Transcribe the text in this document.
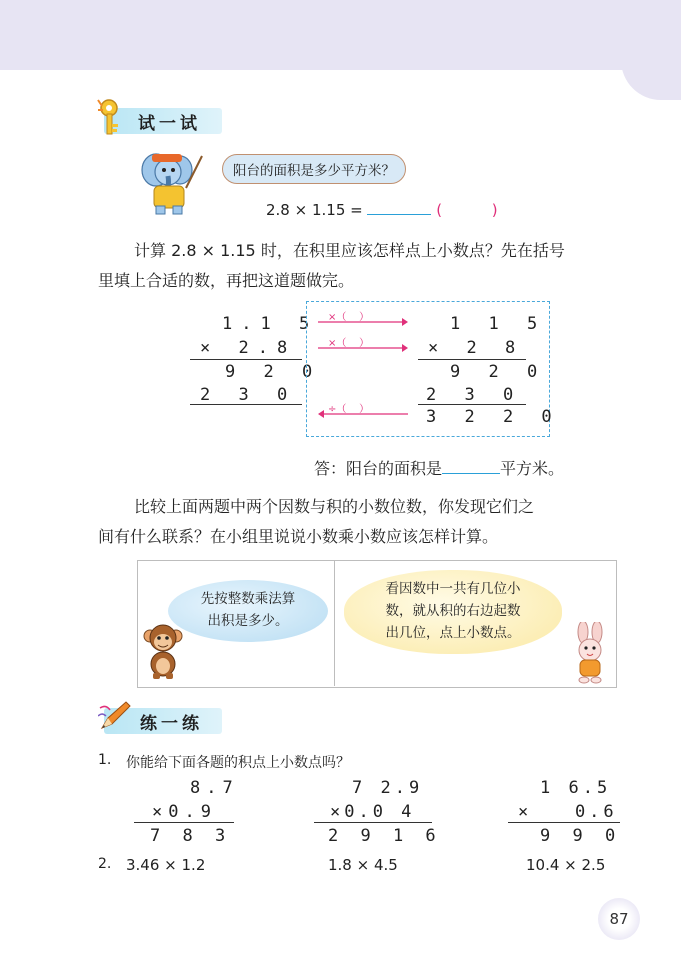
试一试
阳台的面积是多少平方米？
2.8 × 1.15 =	(	)
计算 2.8 × 1.15 时，在积里应该怎样点上小数点？先在括号
里填上合适的数，再把这道题做完。
1.1 5
× 2.8
9 2 0
2 3 0
×（    ）
×（    ）
÷（    ）
1 1 5
× 2 8
9 2 0
2 3 0
3 2 2 0
答：阳台的面积是	平方米。
比较上面两题中两个因数与积的小数位数，你发现它们之
间有什么联系？在小组里说说小数乘小数应该怎样计算。
先按整数乘法算
出积是多少。
看因数中一共有几位小
数，就从积的右边起数
出几位，点上小数点。
练一练
1. 你能给下面各题的积点上小数点吗？
8.7
×0.9
7 8 3
7 2.9
×0.0 4
2 9 1 6
1 6.5
×   0.6
9 9 0
2. 3.46 × 1.2	1.8 × 4.5	10.4 × 2.5
87
